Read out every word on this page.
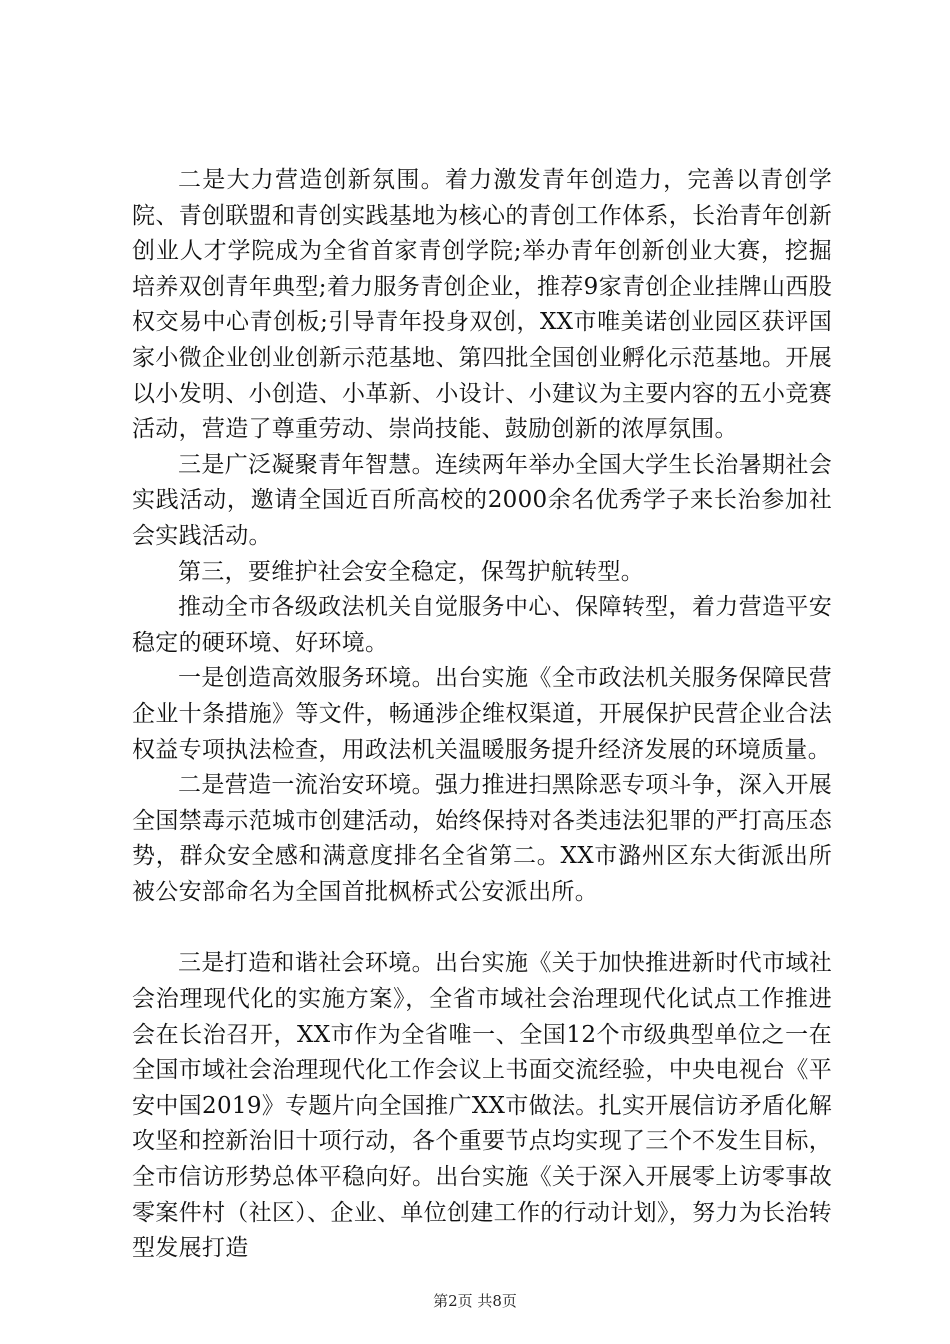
二是大力营造创新氛围。着力激发青年创造力，完善以青创学院、青创联盟和青创实践基地为核心的青创工作体系，长治青年创新创业人才学院成为全省首家青创学院;举办青年创新创业大赛，挖掘培养双创青年典型;着力服务青创企业，推荐9家青创企业挂牌山西股权交易中心青创板;引导青年投身双创，XX市唯美诺创业园区获评国家小微企业创业创新示范基地、第四批全国创业孵化示范基地。开展以小发明、小创造、小革新、小设计、小建议为主要内容的五小竞赛活动，营造了尊重劳动、崇尚技能、鼓励创新的浓厚氛围。

三是广泛凝聚青年智慧。连续两年举办全国大学生长治暑期社会实践活动，邀请全国近百所高校的2000余名优秀学子来长治参加社会实践活动。

第三，要维护社会安全稳定，保驾护航转型。

推动全市各级政法机关自觉服务中心、保障转型，着力营造平安稳定的硬环境、好环境。

一是创造高效服务环境。出台实施《全市政法机关服务保障民营企业十条措施》等文件，畅通涉企维权渠道，开展保护民营企业合法权益专项执法检查，用政法机关温暖服务提升经济发展的环境质量。

二是营造一流治安环境。强力推进扫黑除恶专项斗争，深入开展全国禁毒示范城市创建活动，始终保持对各类违法犯罪的严打高压态势，群众安全感和满意度排名全省第二。XX市潞州区东大街派出所被公安部命名为全国首批枫桥式公安派出所。

三是打造和谐社会环境。出台实施《关于加快推进新时代市域社会治理现代化的实施方案》，全省市域社会治理现代化试点工作推进会在长治召开，XX市作为全省唯一、全国12个市级典型单位之一在全国市域社会治理现代化工作会议上书面交流经验，中央电视台《平安中国2019》专题片向全国推广XX市做法。扎实开展信访矛盾化解攻坚和控新治旧十项行动，各个重要节点均实现了三个不发生目标，全市信访形势总体平稳向好。出台实施《关于深入开展零上访零事故零案件村（社区）、企业、单位创建工作的行动计划》，努力为长治转型发展打造

第2页 共8页
